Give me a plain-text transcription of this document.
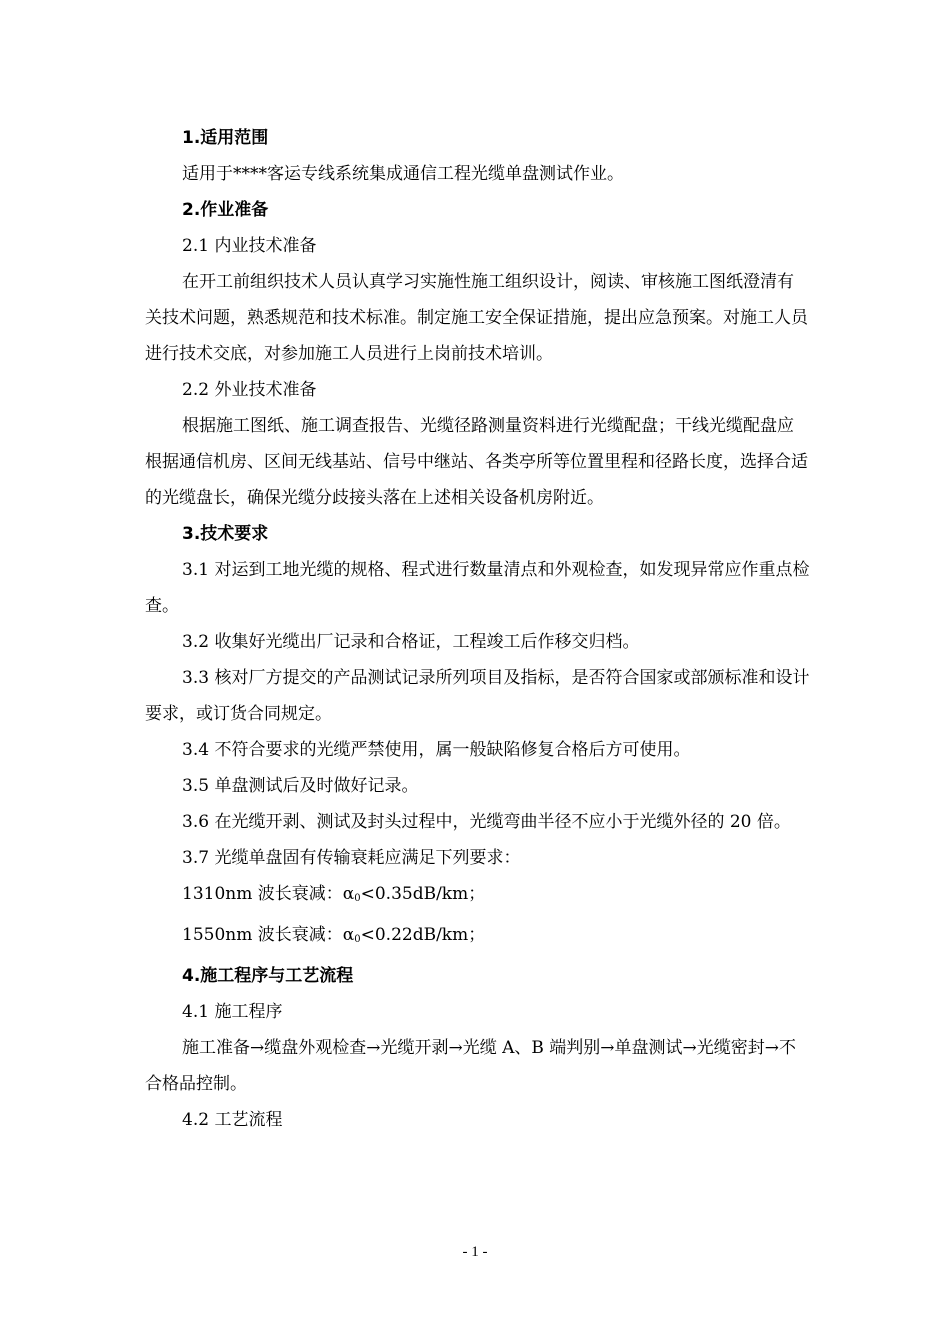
1.适用范围

适用于****客运专线系统集成通信工程光缆单盘测试作业。

2.作业准备

2.1 内业技术准备

在开工前组织技术人员认真学习实施性施工组织设计，阅读、审核施工图纸澄清有关技术问题，熟悉规范和技术标准。制定施工安全保证措施，提出应急预案。对施工人员进行技术交底，对参加施工人员进行上岗前技术培训。

2.2 外业技术准备

根据施工图纸、施工调查报告、光缆径路测量资料进行光缆配盘；干线光缆配盘应根据通信机房、区间无线基站、信号中继站、各类亭所等位置里程和径路长度，选择合适的光缆盘长，确保光缆分歧接头落在上述相关设备机房附近。

3.技术要求

3.1 对运到工地光缆的规格、程式进行数量清点和外观检查，如发现异常应作重点检查。

3.2 收集好光缆出厂记录和合格证，工程竣工后作移交归档。

3.3 核对厂方提交的产品测试记录所列项目及指标，是否符合国家或部颁标准和设计要求，或订货合同规定。

3.4 不符合要求的光缆严禁使用，属一般缺陷修复合格后方可使用。

3.5 单盘测试后及时做好记录。

3.6 在光缆开剥、测试及封头过程中，光缆弯曲半径不应小于光缆外径的 20 倍。

3.7 光缆单盘固有传输衰耗应满足下列要求：

1310nm 波长衰减：$\alpha_0<0.35dB/km$；

1550nm 波长衰减：$\alpha_0<0.22dB/km$；

4.施工程序与工艺流程

4.1 施工程序

施工准备→缆盘外观检查→光缆开剥→光缆 A、B 端判别→单盘测试→光缆密封→不合格品控制。

4.2 工艺流程

- 1 -
